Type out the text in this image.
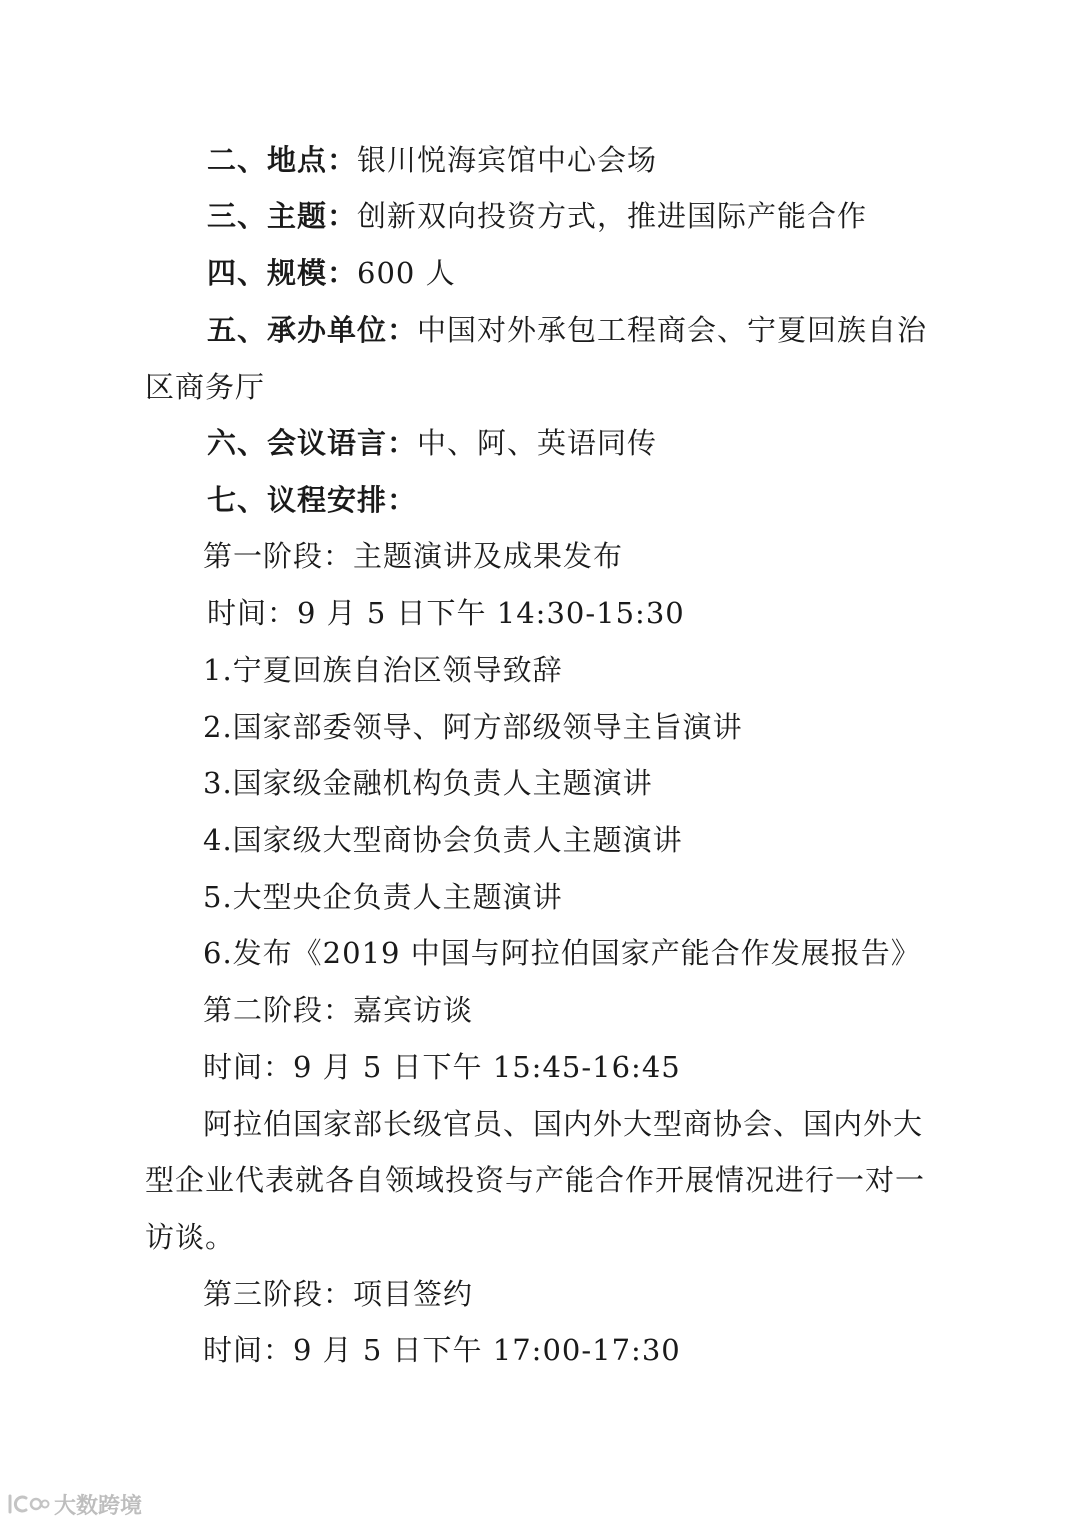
二、地点：银川悦海宾馆中心会场
三、主题：创新双向投资方式，推进国际产能合作
四、规模：600 人
五、承办单位：中国对外承包工程商会、宁夏回族自治
区商务厅
六、会议语言：中、阿、英语同传
七、议程安排：
第一阶段：主题演讲及成果发布
时间：9 月 5 日下午 14:30-15:30
1.宁夏回族自治区领导致辞
2.国家部委领导、阿方部级领导主旨演讲
3.国家级金融机构负责人主题演讲
4.国家级大型商协会负责人主题演讲
5.大型央企负责人主题演讲
6.发布《2019 中国与阿拉伯国家产能合作发展报告》
第二阶段：嘉宾访谈
时间：9 月 5 日下午 15:45-16:45
阿拉伯国家部长级官员、国内外大型商协会、国内外大
型企业代表就各自领域投资与产能合作开展情况进行一对一
访谈。
第三阶段：项目签约
时间：9 月 5 日下午 17:00-17:30
大数跨境
